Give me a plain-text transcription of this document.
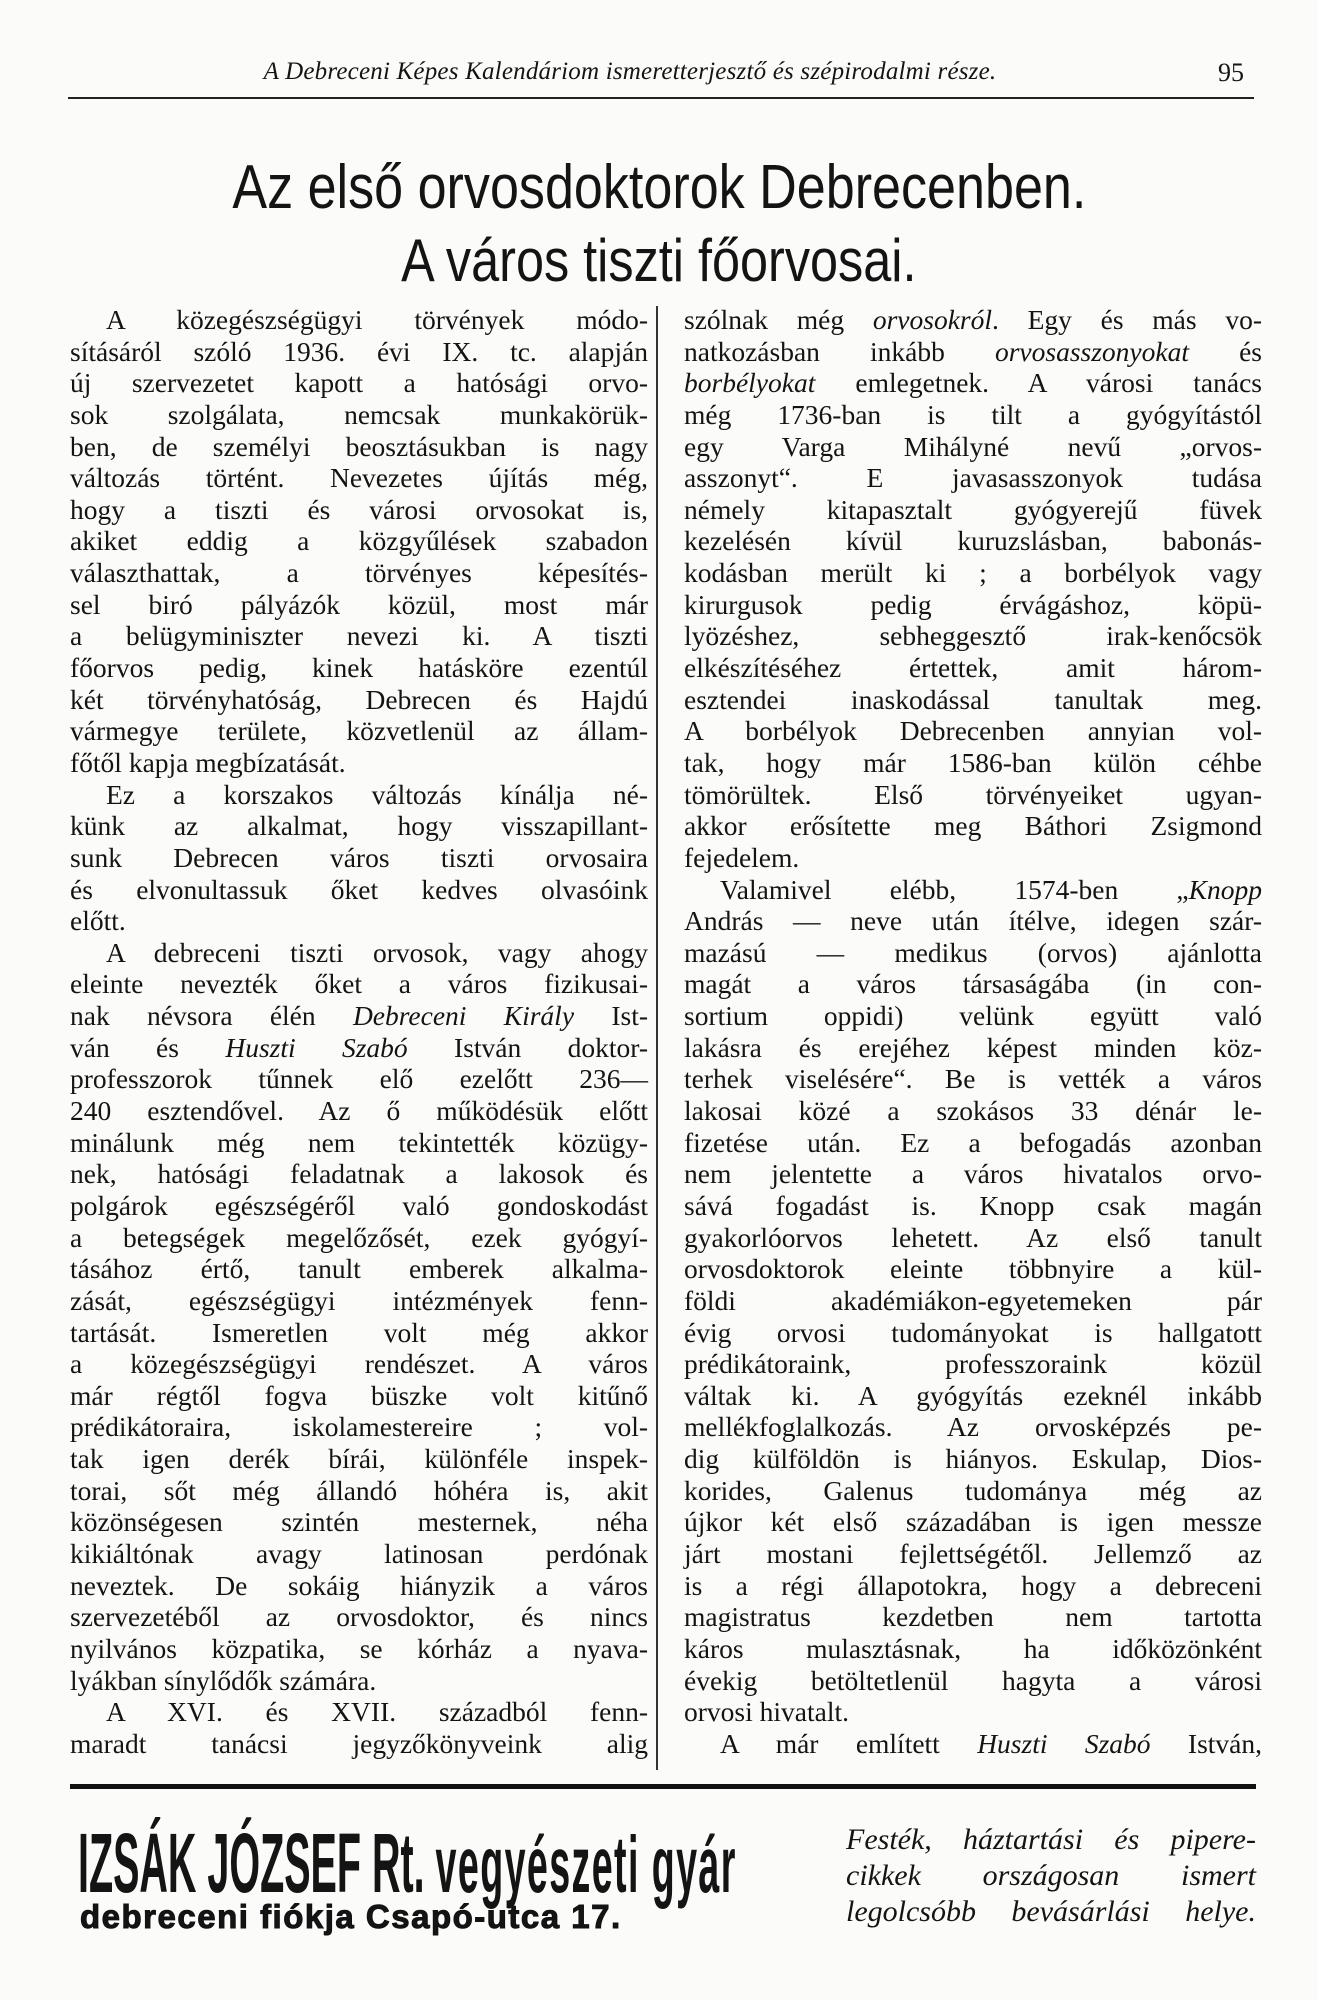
A Debreceni Képes Kalendáriom ismeretterjesztő és szépirodalmi része.	95
Az első orvosdoktorok Debrecenben.
A város tiszti főorvosai.
A közegészségügyi törvények módo-
sításáról szóló 1936. évi IX. tc. alapján
új szervezetet kapott a hatósági orvo-
sok szolgálata, nemcsak munkakörük-
ben, de személyi beosztásukban is nagy
változás történt. Nevezetes újítás még,
hogy a tiszti és városi orvosokat is,
akiket eddig a közgyűlések szabadon
választhattak, a törvényes képesítés-
sel biró pályázók közül, most már
a belügyminiszter nevezi ki. A tiszti
főorvos pedig, kinek hatásköre ezentúl
két törvényhatóság, Debrecen és Hajdú
vármegye területe, közvetlenül az állam-
főtől kapja megbízatását.
Ez a korszakos változás kínálja né-
künk az alkalmat, hogy visszapillant-
sunk Debrecen város tiszti orvosaira
és elvonultassuk őket kedves olvasóink
előtt.
A debreceni tiszti orvosok, vagy ahogy
eleinte nevezték őket a város fizikusai-
nak névsora élén Debreceni Király Ist-
ván és Huszti Szabó István doktor-
professzorok tűnnek elő ezelőtt 236—
240 esztendővel. Az ő működésük előtt
minálunk még nem tekintették közügy-
nek, hatósági feladatnak a lakosok és
polgárok egészségéről való gondoskodást
a betegségek megelőzősét, ezek gyógyí-
tásához értő, tanult emberek alkalma-
zását, egészségügyi intézmények fenn-
tartását. Ismeretlen volt még akkor
a közegészségügyi rendészet. A város
már régtől fogva büszke volt kitűnő
prédikátoraira, iskolamestereire ; vol-
tak igen derék bírái, különféle inspek-
torai, sőt még állandó hóhéra is, akit
közönségesen szintén mesternek, néha
kikiáltónak avagy latinosan perdónak
neveztek. De sokáig hiányzik a város
szervezetéből az orvosdoktor, és nincs
nyilvános közpatika, se kórház a nyava-
lyákban sínylődők számára.
A XVI. és XVII. századból fenn-
maradt tanácsi jegyzőkönyveink alig
szólnak még orvosokról. Egy és más vo-
natkozásban inkább orvosasszonyokat és
borbélyokat emlegetnek. A városi tanács
még 1736-ban is tilt a gyógyítástól
egy Varga Mihályné nevű „orvos-
asszonyt“. E javasasszonyok tudása
némely kitapasztalt gyógyerejű füvek
kezelésén kívül kuruzslásban, babonás-
kodásban merült ki ; a borbélyok vagy
kirurgusok pedig érvágáshoz, köpü-
lyözéshez, sebheggesztő irak-kenőcsök
elkészítéséhez értettek, amit három-
esztendei inaskodással tanultak meg.
A borbélyok Debrecenben annyian vol-
tak, hogy már 1586-ban külön céhbe
tömörültek. Első törvényeiket ugyan-
akkor erősítette meg Báthori Zsigmond
fejedelem.
Valamivel elébb, 1574-ben „Knopp
András — neve után ítélve, idegen szár-
mazású — medikus (orvos) ajánlotta
magát a város társaságába (in con-
sortium oppidi) velünk együtt való
lakásra és erejéhez képest minden köz-
terhek viselésére“. Be is vették a város
lakosai közé a szokásos 33 dénár le-
fizetése után. Ez a befogadás azonban
nem jelentette a város hivatalos orvo-
sává fogadást is. Knopp csak magán
gyakorlóorvos lehetett. Az első tanult
orvosdoktorok eleinte többnyire a kül-
földi akadémiákon-egyetemeken pár
évig orvosi tudományokat is hallgatott
prédikátoraink, professzoraink közül
váltak ki. A gyógyítás ezeknél inkább
mellékfoglalkozás. Az orvosképzés pe-
dig külföldön is hiányos. Eskulap, Dios-
korides, Galenus tudománya még az
újkor két első századában is igen messze
járt mostani fejlettségétől. Jellemző az
is a régi állapotokra, hogy a debreceni
magistratus kezdetben nem tartotta
káros mulasztásnak, ha időközönként
évekig betöltetlenül hagyta a városi
orvosi hivatalt.
A már említett Huszti Szabó István,
IZSÁK JÓZSEF Rt. vegyészeti gyár
debreceni fiókja Csapó-utca 17.
Festék, háztartási és pipere-
cikkek országosan ismert
legolcsóbb bevásárlási helye.
